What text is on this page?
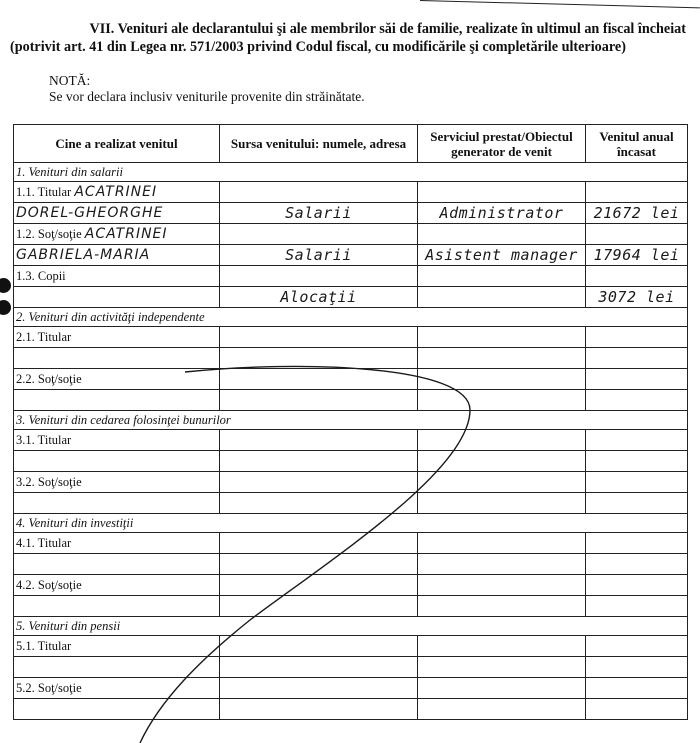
VII. Venituri ale declarantului şi ale membrilor săi de familie, realizate în ultimul an fiscal încheiat
(potrivit art. 41 din Legea nr. 571/2003 privind Codul fiscal, cu modificările şi completările ulterioare)
NOTĂ:
Se vor declara inclusiv veniturile provenite din străinătate.
Cine a realizat venitul	Sursa venitului: numele, adresa	Serviciul prestat/Obiectul generator de venit	Venitul anual încasat
1. Venituri din salarii			
1.1. Titular ACATRINEI			
DOREL-GHEORGHE	Salarii	Administrator	21672 lei
1.2. Soţ/soţie ACATRINEI			
GABRIELA-MARIA	Salarii	Asistent manager	17964 lei
1.3. Copii			
	Alocaţii		3072 lei
2. Venituri din activităţi independente			
2.1. Titular			

2.2. Soţ/soţie			

3. Venituri din cedarea folosinţei bunurilor			
3.1. Titular			

3.2. Soţ/soţie			

4. Venituri din investiţii			
4.1. Titular			

4.2. Soţ/soţie			

5. Venituri din pensii			
5.1. Titular			

5.2. Soţ/soţie			
